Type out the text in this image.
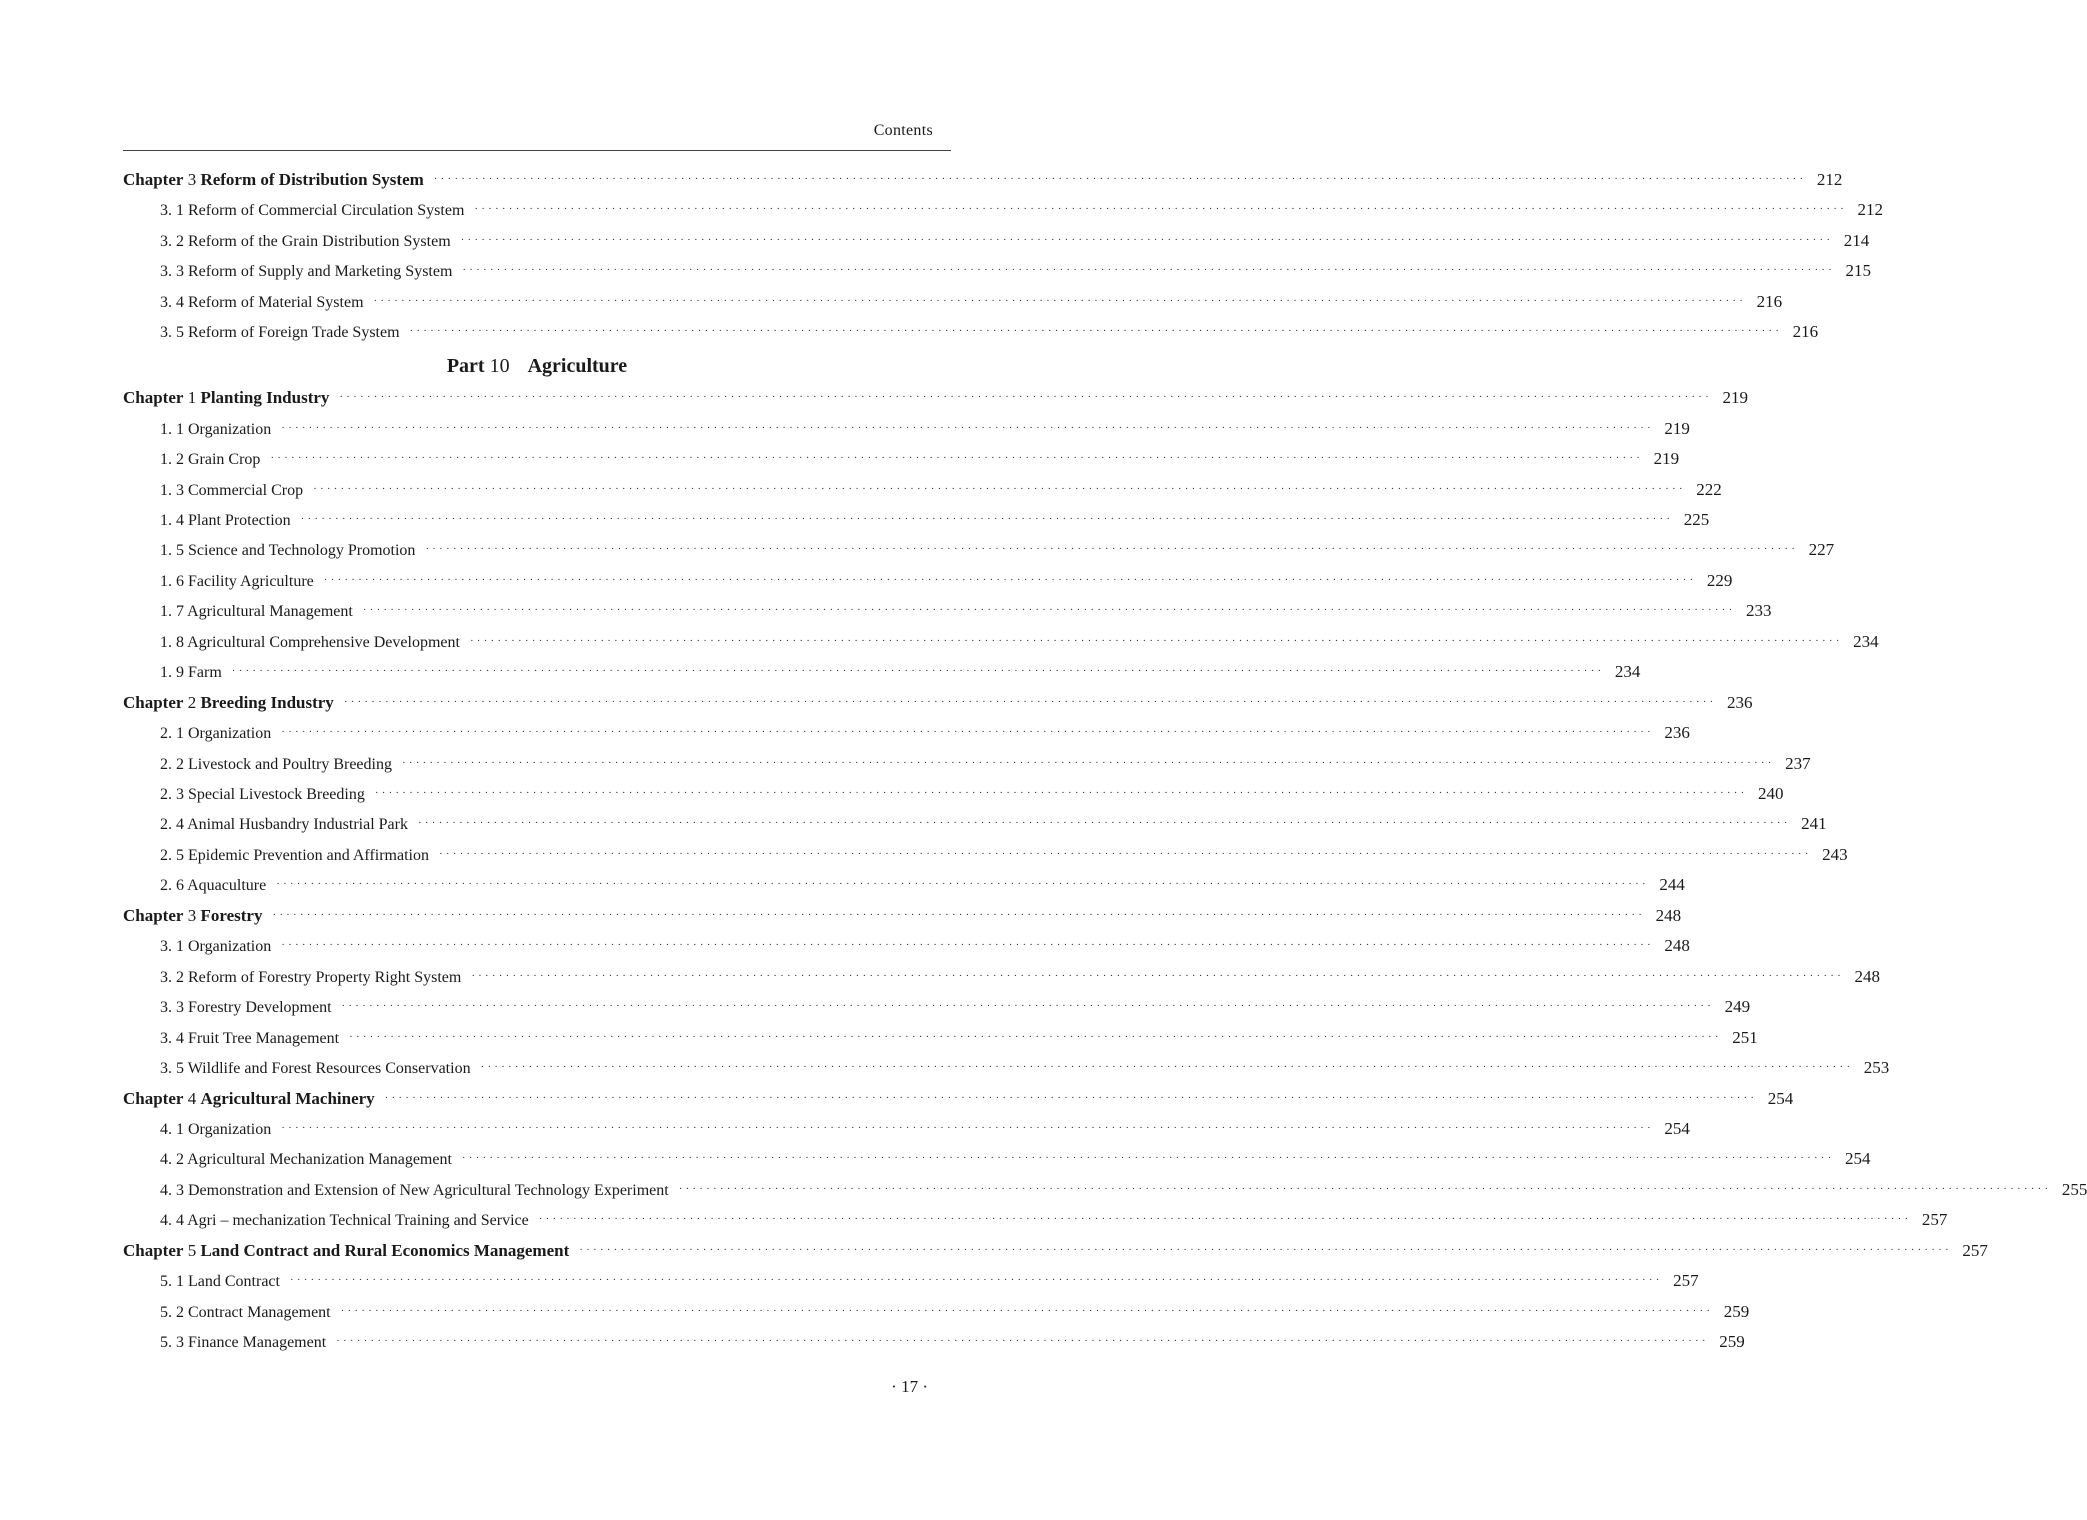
Contents
Chapter 3 Reform of Distribution System ········································································································································································································ 212
3. 1 Reform of Commercial Circulation System ········································································································································································································ 212
3. 2 Reform of the Grain Distribution System ········································································································································································································ 214
3. 3 Reform of Supply and Marketing System ········································································································································································································ 215
3. 4 Reform of Material System ········································································································································································································ 216
3. 5 Reform of Foreign Trade System ········································································································································································································ 216
Part 10 Agriculture
Chapter 1 Planting Industry ········································································································································································································ 219
1. 1 Organization ········································································································································································································ 219
1. 2 Grain Crop ········································································································································································································ 219
1. 3 Commercial Crop ········································································································································································································ 222
1. 4 Plant Protection ········································································································································································································ 225
1. 5 Science and Technology Promotion ········································································································································································································ 227
1. 6 Facility Agriculture ········································································································································································································ 229
1. 7 Agricultural Management ········································································································································································································ 233
1. 8 Agricultural Comprehensive Development ········································································································································································································ 234
1. 9 Farm ········································································································································································································ 234
Chapter 2 Breeding Industry ········································································································································································································ 236
2. 1 Organization ········································································································································································································ 236
2. 2 Livestock and Poultry Breeding ········································································································································································································ 237
2. 3 Special Livestock Breeding ········································································································································································································ 240
2. 4 Animal Husbandry Industrial Park ········································································································································································································ 241
2. 5 Epidemic Prevention and Affirmation ········································································································································································································ 243
2. 6 Aquaculture ········································································································································································································ 244
Chapter 3 Forestry ········································································································································································································ 248
3. 1 Organization ········································································································································································································ 248
3. 2 Reform of Forestry Property Right System ········································································································································································································ 248
3. 3 Forestry Development ········································································································································································································ 249
3. 4 Fruit Tree Management ········································································································································································································ 251
3. 5 Wildlife and Forest Resources Conservation ········································································································································································································ 253
Chapter 4 Agricultural Machinery ········································································································································································································ 254
4. 1 Organization ········································································································································································································ 254
4. 2 Agricultural Mechanization Management ········································································································································································································ 254
4. 3 Demonstration and Extension of New Agricultural Technology Experiment ········································································································································································································ 255
4. 4 Agri – mechanization Technical Training and Service ········································································································································································································ 257
Chapter 5 Land Contract and Rural Economics Management ········································································································································································································ 257
5. 1 Land Contract ········································································································································································································ 257
5. 2 Contract Management ········································································································································································································ 259
5. 3 Finance Management ········································································································································································································ 259
· 17 ·
